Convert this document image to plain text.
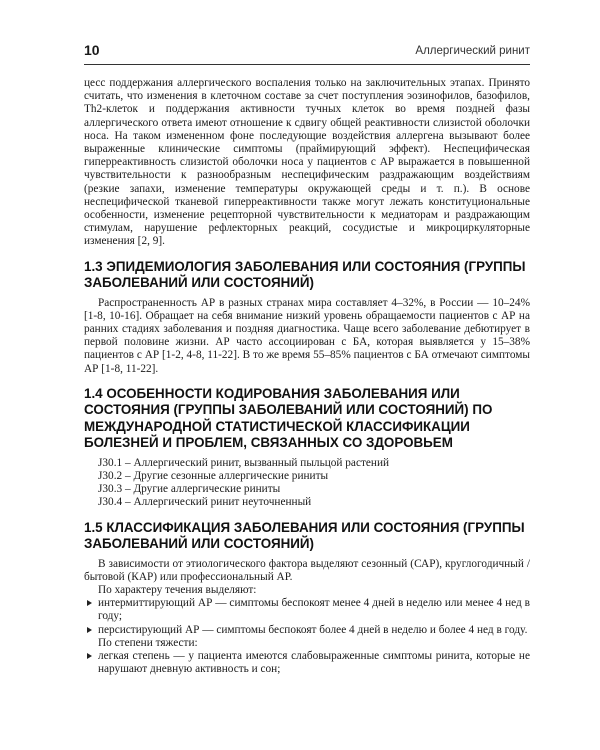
10	Аллергический ринит

цесс поддержания аллергического воспаления только на заключительных этапах. Принято считать, что изменения в клеточном составе за счет поступления эозинофилов, базофилов, Th2-клеток и поддержания активности тучных клеток во время поздней фазы аллергического ответа имеют отношение к сдвигу общей реактивности слизистой оболочки носа. На таком измененном фоне последующие воздействия аллергена вызывают более выраженные клинические симптомы (праймирующий эффект). Неспецифическая гиперреактивность слизистой оболочки носа у пациентов с АР выражается в повышенной чувствительности к разнообразным неспецифическим раздражающим воздействиям (резкие запахи, изменение температуры окружающей среды и т. п.). В основе неспецифической тканевой гиперреактивности также могут лежать конституциональные особенности, изменение рецепторной чувствительности к медиаторам и раздражающим стимулам, нарушение рефлекторных реакций, сосудистые и микроциркуляторные изменения [2, 9].

1.3 ЭПИДЕМИОЛОГИЯ ЗАБОЛЕВАНИЯ ИЛИ СОСТОЯНИЯ (ГРУППЫ ЗАБОЛЕВАНИЙ ИЛИ СОСТОЯНИЙ)

Распространенность АР в разных странах мира составляет 4–32%, в России — 10–24% [1-8, 10-16]. Обращает на себя внимание низкий уровень обращаемости пациентов с АР на ранних стадиях заболевания и поздняя диагностика. Чаще всего заболевание дебютирует в первой половине жизни. АР часто ассоциирован с БА, которая выявляется у 15–38% пациентов с АР [1-2, 4-8, 11-22]. В то же время 55–85% пациентов с БА отмечают симптомы АР [1-8, 11-22].

1.4 ОСОБЕННОСТИ КОДИРОВАНИЯ ЗАБОЛЕВАНИЯ ИЛИ СОСТОЯНИЯ (ГРУППЫ ЗАБОЛЕВАНИЙ ИЛИ СОСТОЯНИЙ) ПО МЕЖДУНАРОДНОЙ СТАТИСТИЧЕСКОЙ КЛАССИФИКАЦИИ БОЛЕЗНЕЙ И ПРОБЛЕМ, СВЯЗАННЫХ СО ЗДОРОВЬЕМ
J30.1 – Аллергический ринит, вызванный пыльцой растений
J30.2 – Другие сезонные аллергические риниты
J30.3 – Другие аллергические риниты
J30.4 – Аллергический ринит неуточненный
1.5 КЛАССИФИКАЦИЯ ЗАБОЛЕВАНИЯ ИЛИ СОСТОЯНИЯ (ГРУППЫ ЗАБОЛЕВАНИЙ ИЛИ СОСТОЯНИЙ)

В зависимости от этиологического фактора выделяют сезонный (САР), круглогодичный / бытовой (КАР) или профессиональный АР.

По характеру течения выделяют:

интермиттирующий АР — симптомы беспокоят менее 4 дней в неделю или менее 4 нед в году;
персистирующий АР — симптомы беспокоят более 4 дней в неделю и более 4 нед в году.

По степени тяжести:

легкая степень — у пациента имеются слабовыраженные симптомы ринита, которые не нарушают дневную активность и сон;
